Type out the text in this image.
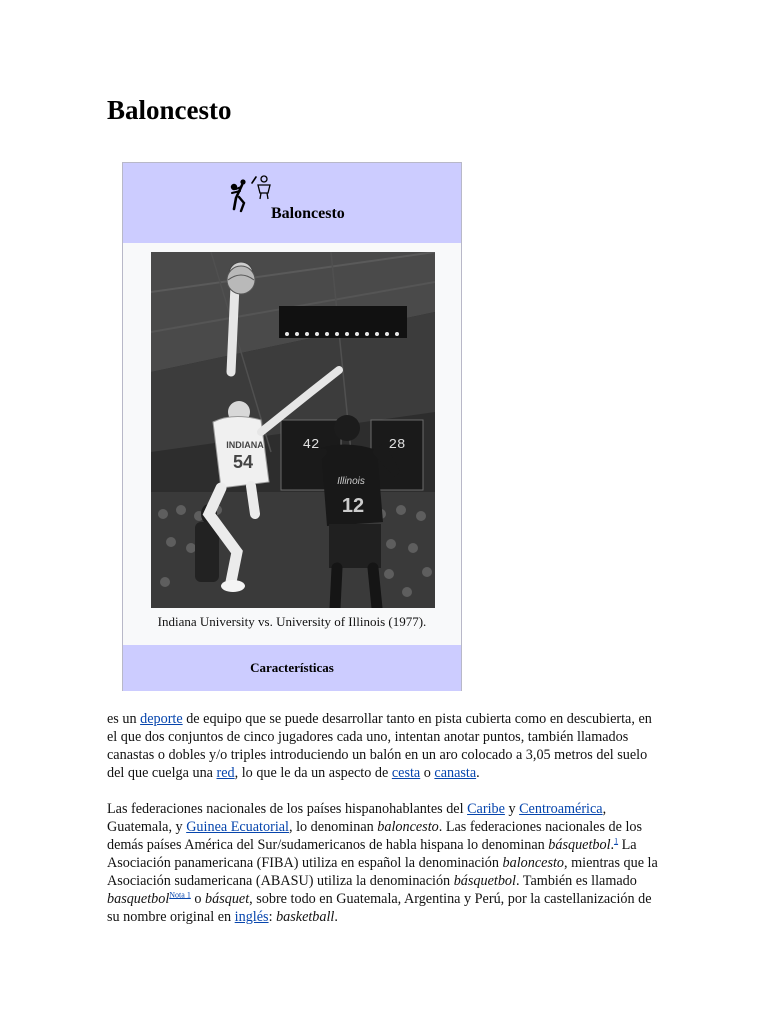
Baloncesto
Baloncesto
42	28
INDIANA
54
Illinois
12
Indiana University vs. University of Illinois (1977).
Características

es un deporte de equipo que se puede desarrollar tanto en pista cubierta como en descubierta, en el que dos conjuntos de cinco jugadores cada uno, intentan anotar puntos, también llamados canastas o dobles y/o triples introduciendo un balón en un aro colocado a 3,05 metros del suelo del que cuelga una red, lo que le da un aspecto de cesta o canasta.

Las federaciones nacionales de los países hispanohablantes del Caribe y Centroamérica, Guatemala, y Guinea Ecuatorial, lo denominan baloncesto. Las federaciones nacionales de los demás países América del Sur/sudamericanos de habla hispana lo denominan básquetbol.$^1$ La Asociación panamericana (FIBA) utiliza en español la denominación baloncesto, mientras que la Asociación sudamericana (ABASU) utiliza la denominación básquetbol. También es llamado basquetbol$^{Nota 1}$ o básquet, sobre todo en Guatemala, Argentina y Perú, por la castellanización de su nombre original en inglés: basketball.
